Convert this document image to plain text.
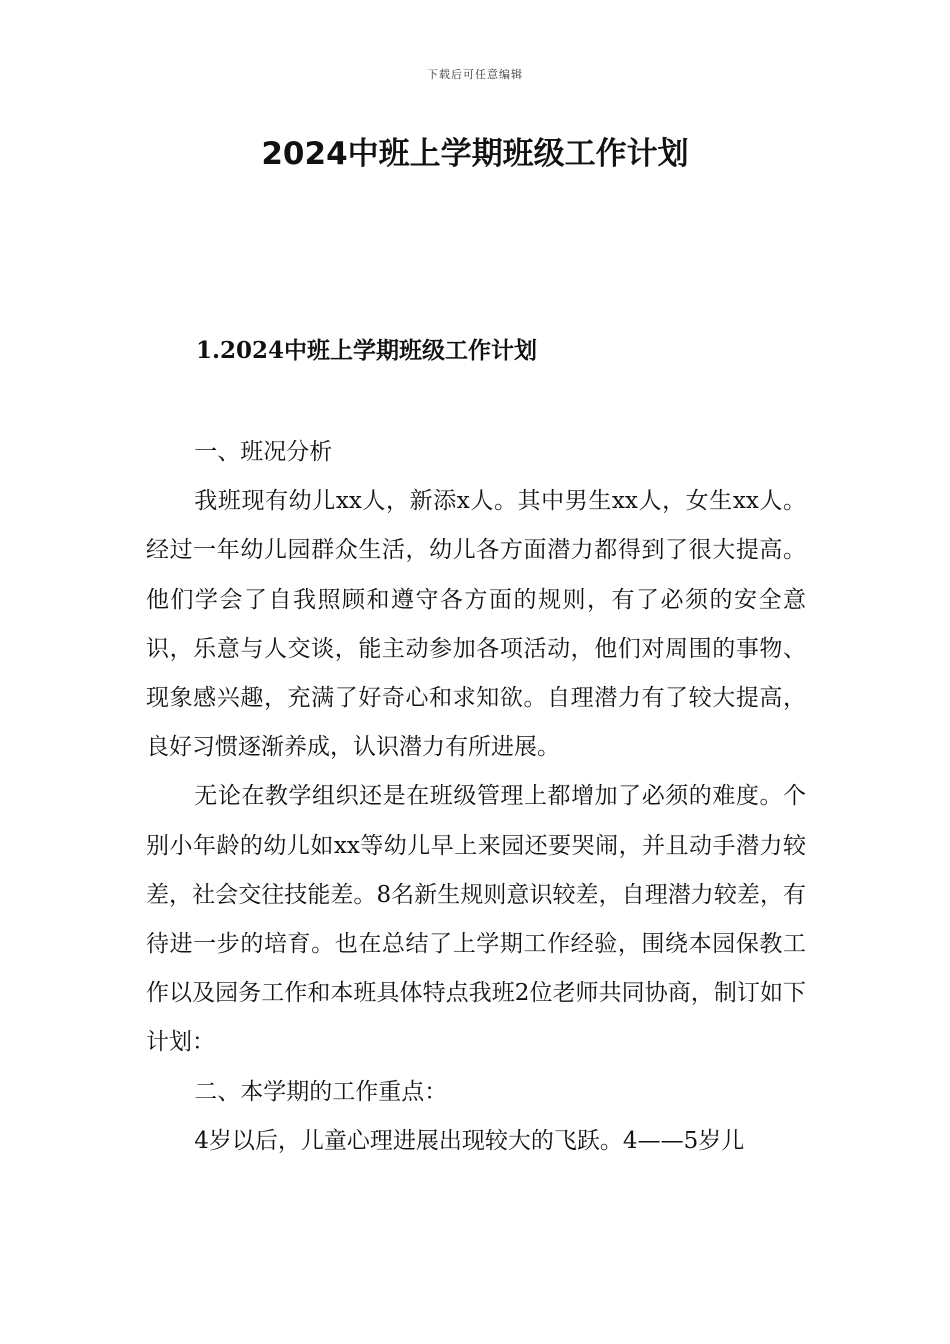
下载后可任意编辑
2024中班上学期班级工作计划
1.2024中班上学期班级工作计划

一、班况分析

我班现有幼儿xx人，新添x人。其中男生xx人，女生xx人。经过一年幼儿园群众生活，幼儿各方面潜力都得到了很大提高。他们学会了自我照顾和遵守各方面的规则，有了必须的安全意识，乐意与人交谈，能主动参加各项活动，他们对周围的事物、现象感兴趣，充满了好奇心和求知欲。自理潜力有了较大提高，良好习惯逐渐养成，认识潜力有所进展。

无论在教学组织还是在班级管理上都增加了必须的难度。个别小年龄的幼儿如xx等幼儿早上来园还要哭闹，并且动手潜力较差，社会交往技能差。8名新生规则意识较差，自理潜力较差，有待进一步的培育。也在总结了上学期工作经验，围绕本园保教工作以及园务工作和本班具体特点我班2位老师共同协商，制订如下计划：

二、本学期的工作重点：

4岁以后，儿童心理进展出现较大的飞跃。4——5岁儿
